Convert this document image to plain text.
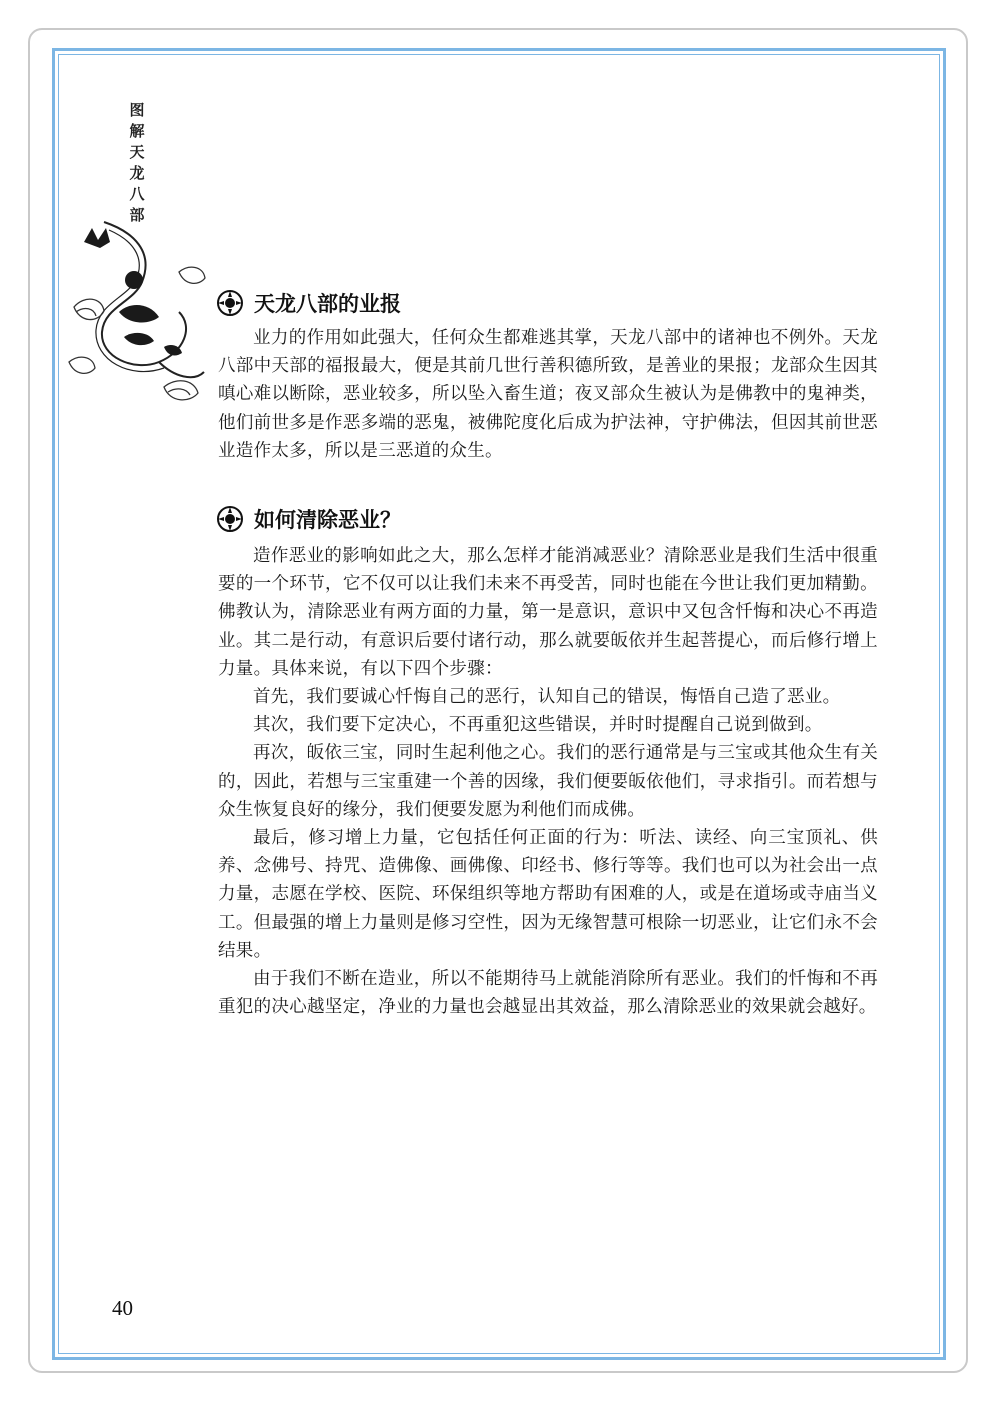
图
解
天
龙
八
部
天龙八部的业报

业力的作用如此强大，任何众生都难逃其掌，天龙八部中的诸神也不例外。天龙八部中天部的福报最大，便是其前几世行善积德所致，是善业的果报；龙部众生因其嗔心难以断除，恶业较多，所以坠入畜生道；夜叉部众生被认为是佛教中的鬼神类，他们前世多是作恶多端的恶鬼，被佛陀度化后成为护法神，守护佛法，但因其前世恶业造作太多，所以是三恶道的众生。

如何清除恶业？

造作恶业的影响如此之大，那么怎样才能消减恶业？清除恶业是我们生活中很重要的一个环节，它不仅可以让我们未来不再受苦，同时也能在今世让我们更加精勤。佛教认为，清除恶业有两方面的力量，第一是意识，意识中又包含忏悔和决心不再造业。其二是行动，有意识后要付诸行动，那么就要皈依并生起菩提心，而后修行增上力量。具体来说，有以下四个步骤：

首先，我们要诚心忏悔自己的恶行，认知自己的错误，悔悟自己造了恶业。

其次，我们要下定决心，不再重犯这些错误，并时时提醒自己说到做到。

再次，皈依三宝，同时生起利他之心。我们的恶行通常是与三宝或其他众生有关的，因此，若想与三宝重建一个善的因缘，我们便要皈依他们，寻求指引。而若想与众生恢复良好的缘分，我们便要发愿为利他们而成佛。

最后，修习增上力量，它包括任何正面的行为：听法、读经、向三宝顶礼、供养、念佛号、持咒、造佛像、画佛像、印经书、修行等等。我们也可以为社会出一点力量，志愿在学校、医院、环保组织等地方帮助有困难的人，或是在道场或寺庙当义工。但最强的增上力量则是修习空性，因为无缘智慧可根除一切恶业，让它们永不会结果。

由于我们不断在造业，所以不能期待马上就能消除所有恶业。我们的忏悔和不再重犯的决心越坚定，净业的力量也会越显出其效益，那么清除恶业的效果就会越好。

40
